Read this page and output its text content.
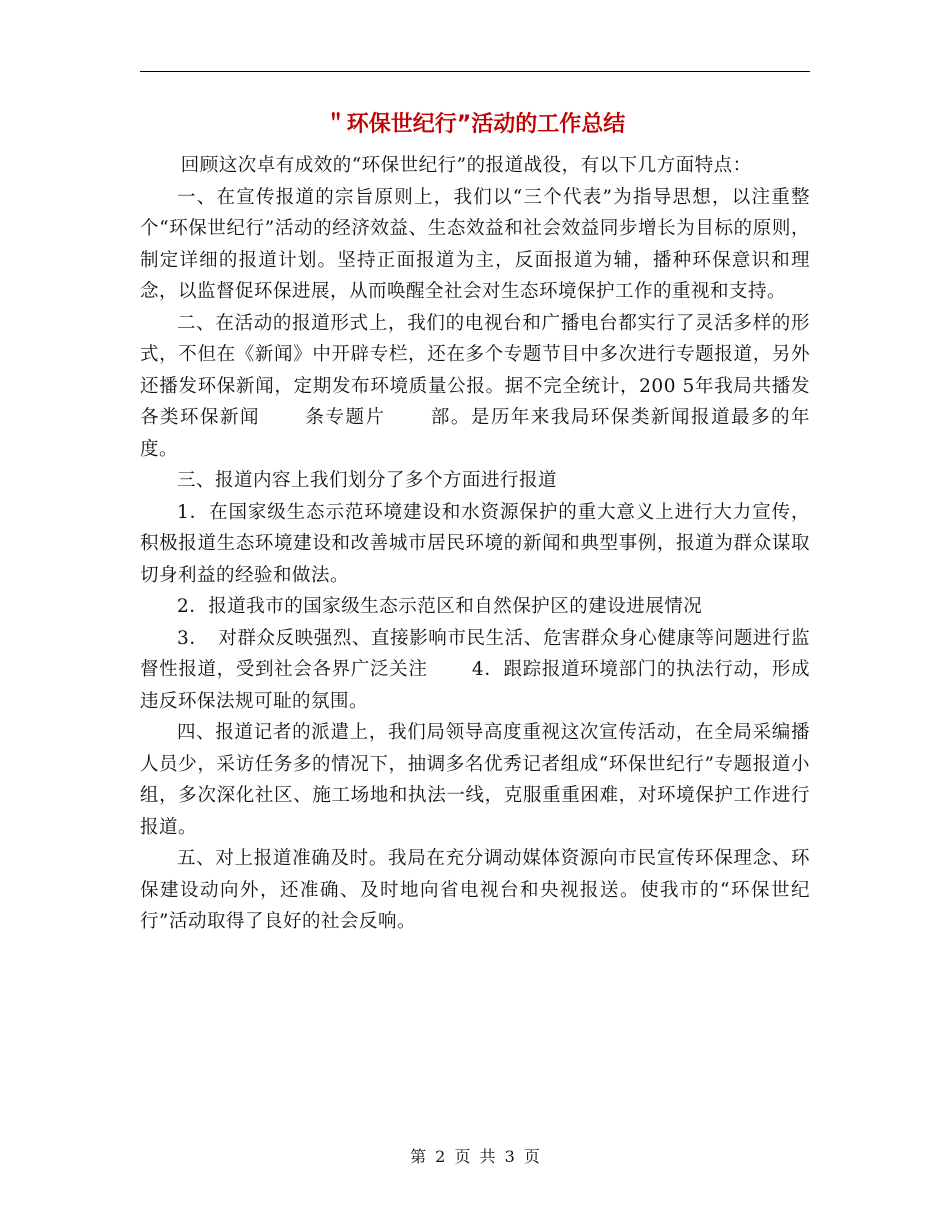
＂环保世纪行”活动的工作总结

回顾这次卓有成效的“环保世纪行”的报道战役，有以下几方面特点：

一、在宣传报道的宗旨原则上，我们以“三个代表”为指导思想，以注重整个“环保世纪行”活动的经济效益、生态效益和社会效益同步增长为目标的原则，制定详细的报道计划。坚持正面报道为主，反面报道为辅，播种环保意识和理念，以监督促环保进展，从而唤醒全社会对生态环境保护工作的重视和支持。

二、在活动的报道形式上，我们的电视台和广播电台都实行了灵活多样的形式，不但在《新闻》中开辟专栏，还在多个专题节目中多次进行专题报道，另外还播发环保新闻，定期发布环境质量公报。据不完全统计，200 5年我局共播发各类环保新闻 条专题片 部。是历年来我局环保类新闻报道最多的年度。

三、报道内容上我们划分了多个方面进行报道

1．在国家级生态示范环境建设和水资源保护的重大意义上进行大力宣传，积极报道生态环境建设和改善城市居民环境的新闻和典型事例，报道为群众谋取切身利益的经验和做法。

2．报道我市的国家级生态示范区和自然保护区的建设进展情况

3．　对群众反映强烈、直接影响市民生活、危害群众身心健康等问题进行监督性报道，受到社会各界广泛关注 4．跟踪报道环境部门的执法行动，形成违反环保法规可耻的氛围。

四、报道记者的派遣上，我们局领导高度重视这次宣传活动，在全局采编播人员少，采访任务多的情况下，抽调多名优秀记者组成“环保世纪行”专题报道小组，多次深化社区、施工场地和执法一线，克服重重困难，对环境保护工作进行报道。

五、对上报道准确及时。我局在充分调动媒体资源向市民宣传环保理念、环保建设动向外，还准确、及时地向省电视台和央视报送。使我市的“环保世纪行”活动取得了良好的社会反响。

第 2 页 共 3 页
